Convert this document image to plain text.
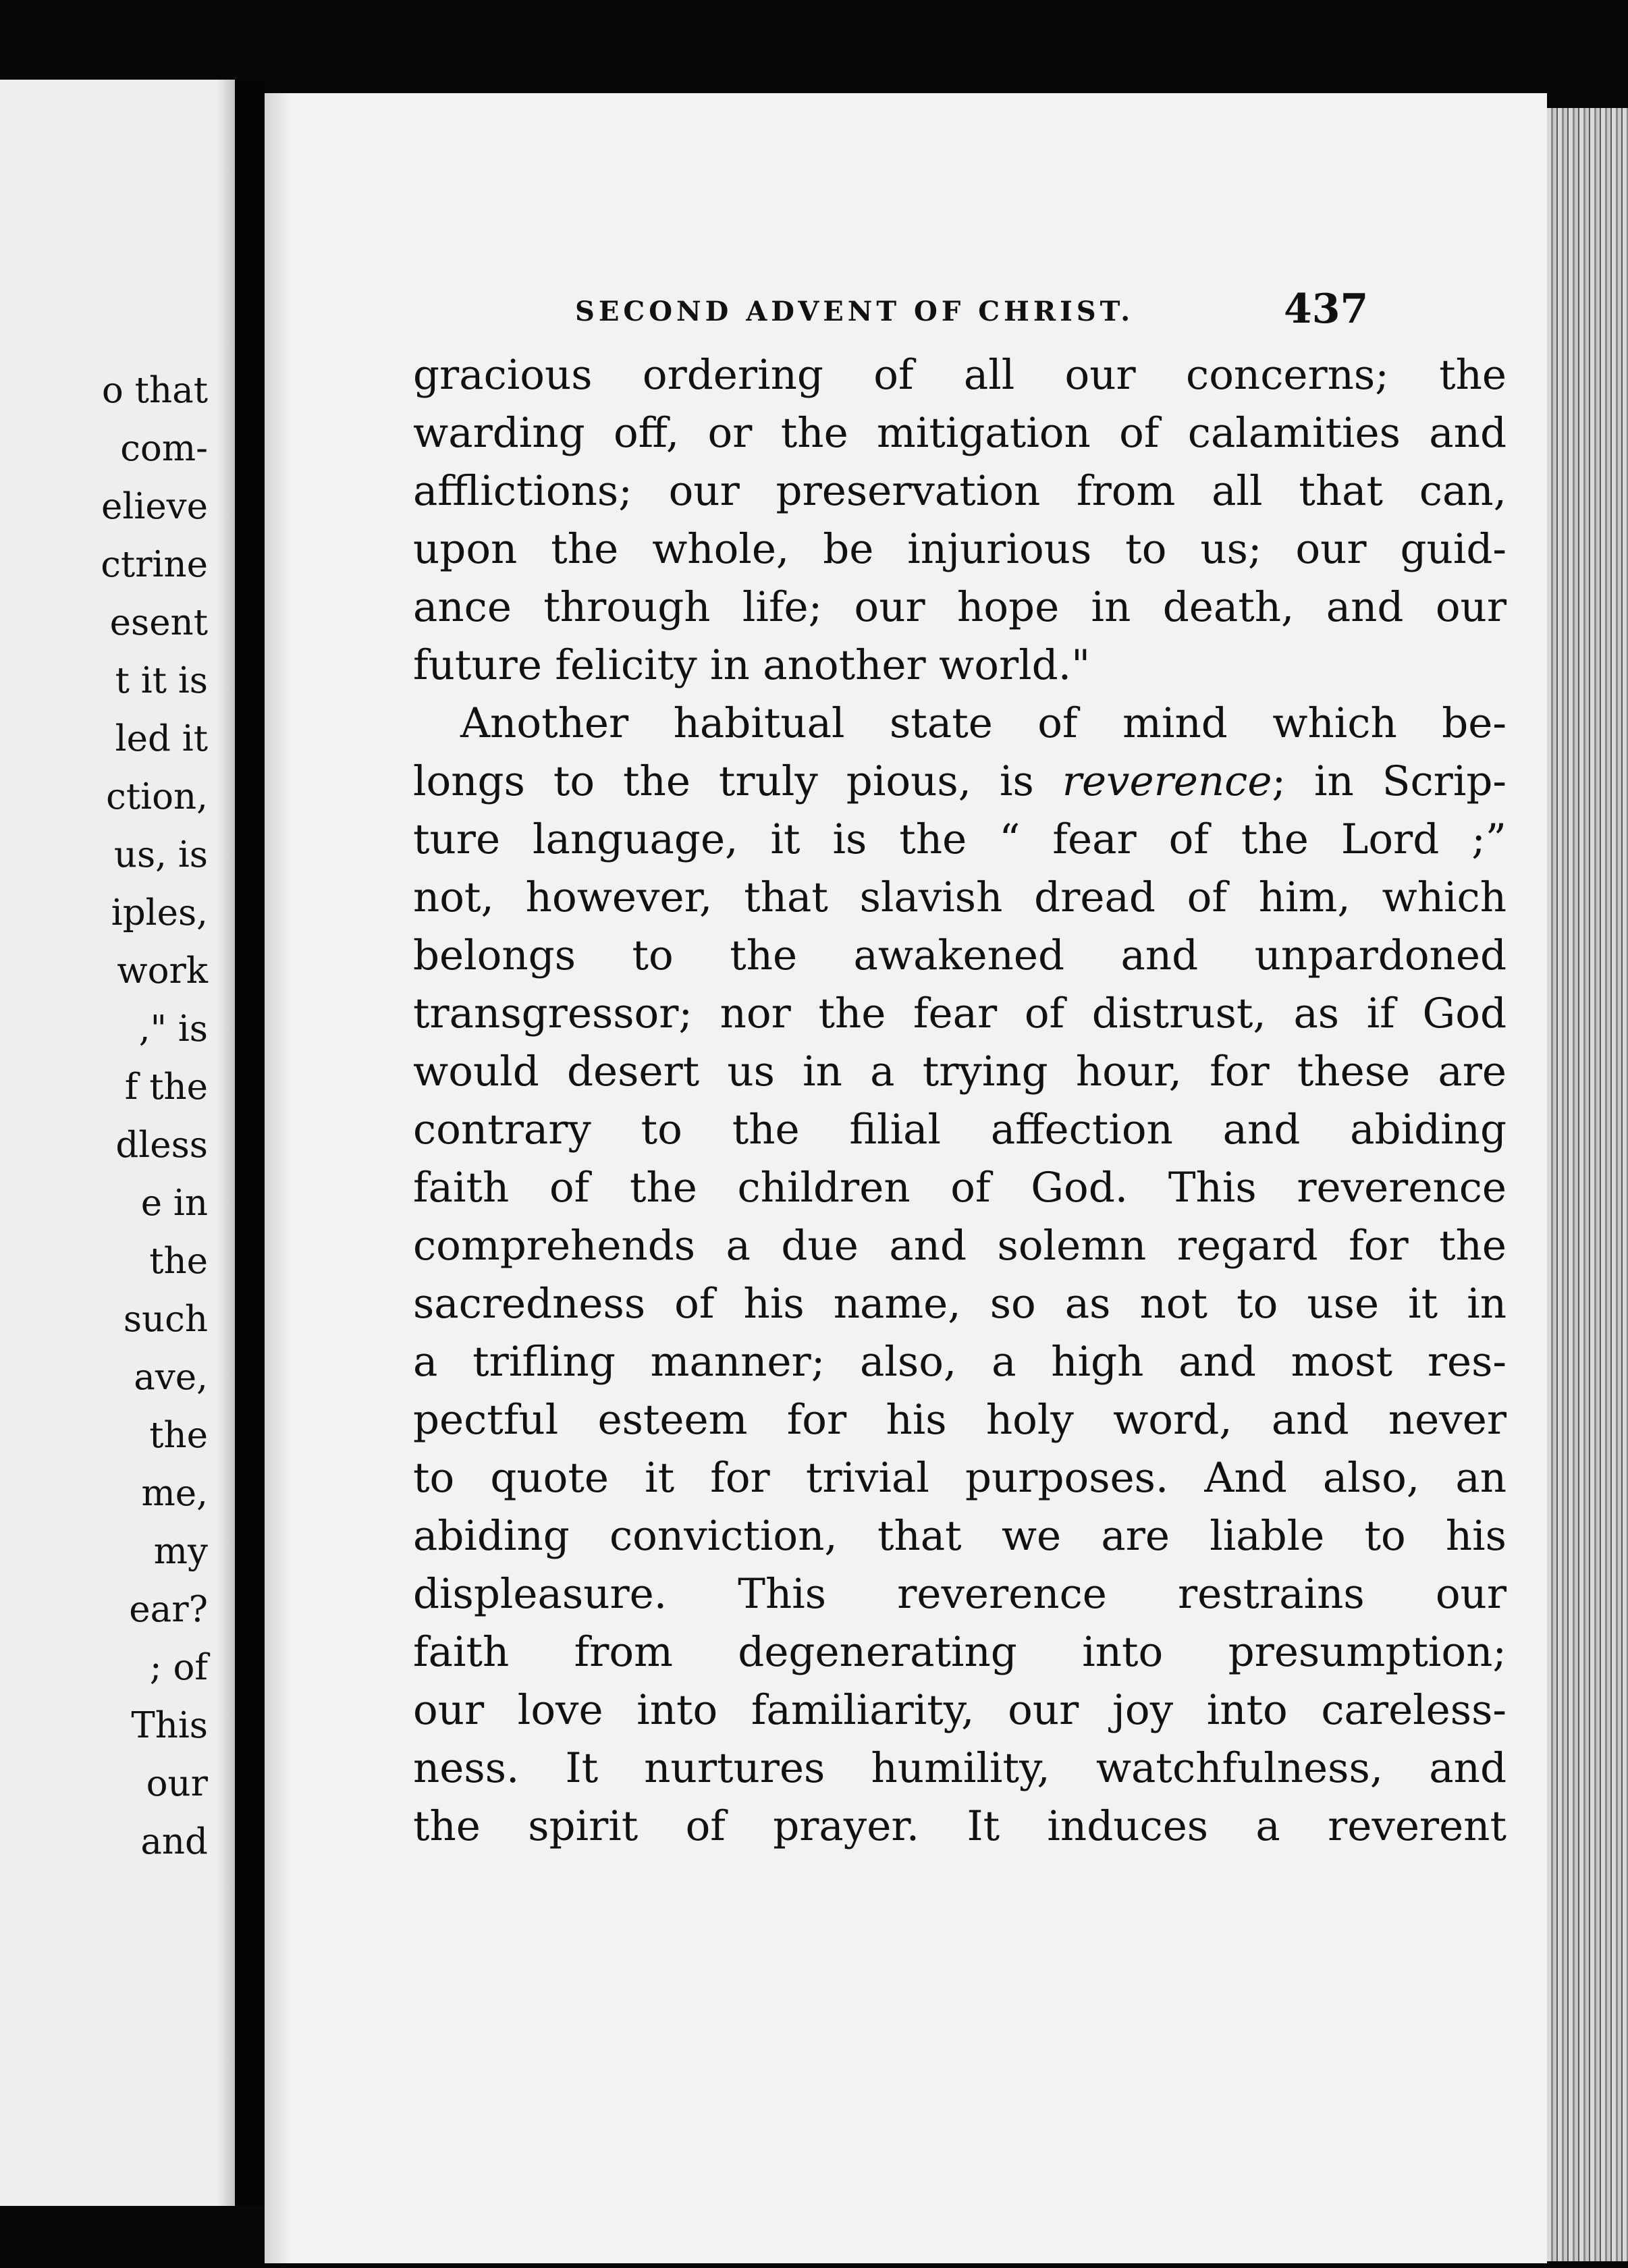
o that
com-
elieve
ctrine
esent
t it is
led it
ction,
us, is
iples,
work
," is
f the
dless
e in
the
such
ave,
the
me,
my
ear?
; of
This
our
and
SECOND ADVENT OF CHRIST.	437
gracious ordering of all our concerns; the
warding off, or the mitigation of calamities and
afflictions; our preservation from all that can,
upon the whole, be injurious to us; our guid-
ance through life; our hope in death, and our
future felicity in another world."
Another habitual state of mind which be-
longs to the truly pious, is reverence; in Scrip-
ture language, it is the “ fear of the Lord ;”
not, however, that slavish dread of him, which
belongs to the awakened and unpardoned
transgressor; nor the fear of distrust, as if God
would desert us in a trying hour, for these are
contrary to the filial affection and abiding
faith of the children of God. This reverence
comprehends a due and solemn regard for the
sacredness of his name, so as not to use it in
a trifling manner; also, a high and most res-
pectful esteem for his holy word, and never
to quote it for trivial purposes. And also, an
abiding conviction, that we are liable to his
displeasure. This reverence restrains our
faith from degenerating into presumption;
our love into familiarity, our joy into careless-
ness. It nurtures humility, watchfulness, and
the spirit of prayer. It induces a reverent
